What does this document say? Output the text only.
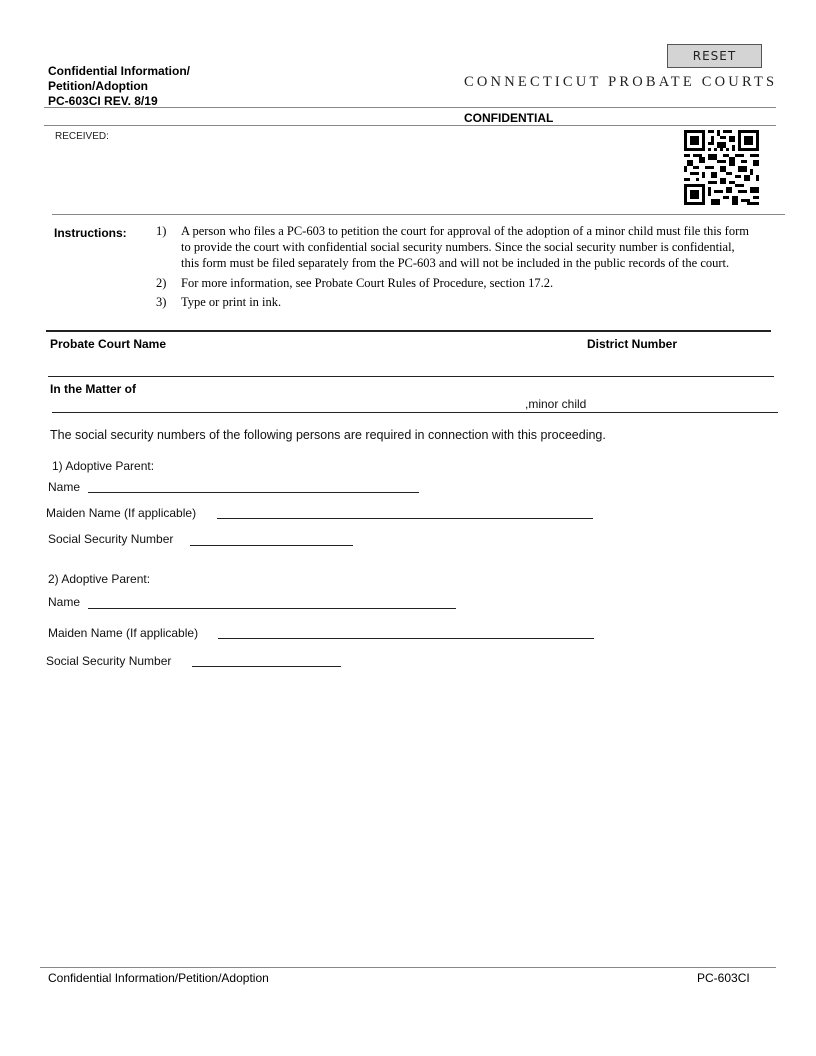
Confidential Information/
Petition/Adoption
PC-603CI REV. 8/19
RESET
CONNECTICUT PROBATE COURTS
CONFIDENTIAL
RECEIVED:
Instructions: 1) A person who files a PC-603 to petition the court for approval of the adoption of a minor child must file this form to provide the court with confidential social security numbers. Since the social security number is confidential, this form must be filed separately from the PC-603 and will not be included in the public records of the court.
2) For more information, see Probate Court Rules of Procedure, section 17.2.
3) Type or print in ink.
Probate Court Name	District Number
In the Matter of
,minor child
The social security numbers of the following persons are required in connection with this proceeding.
1) Adoptive Parent:
Name
Maiden Name (If applicable)
Social Security Number
2) Adoptive Parent:
Name
Maiden Name (If applicable)
Social Security Number
Confidential Information/Petition/Adoption	PC-603CI
